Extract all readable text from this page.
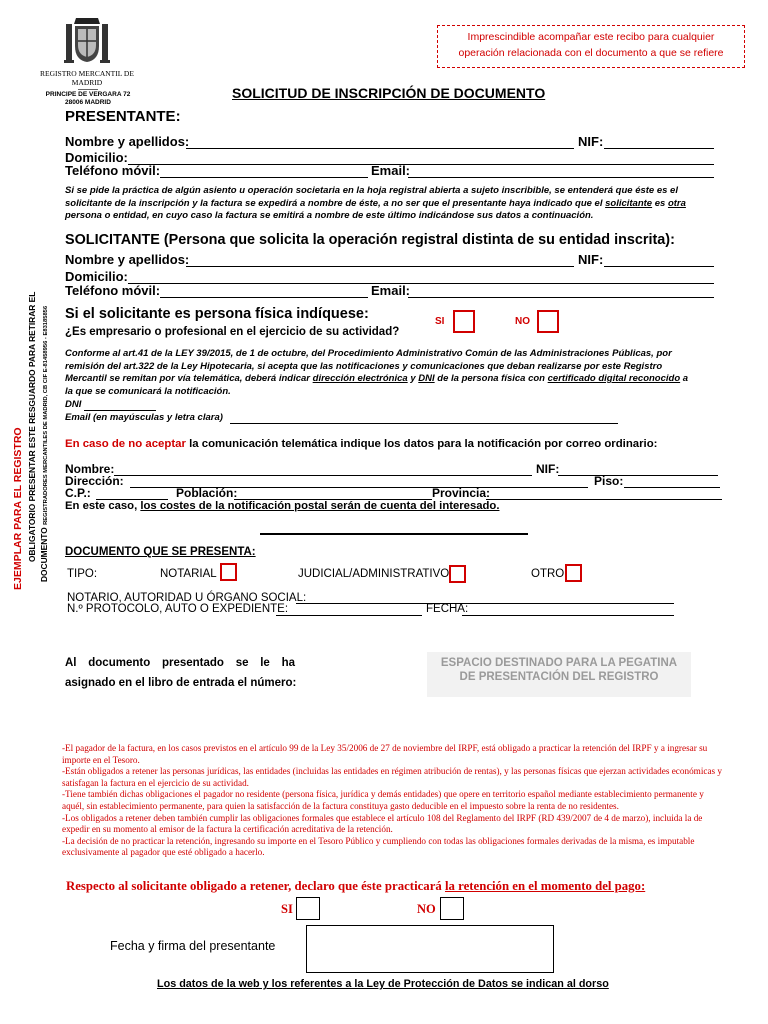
REGISTRO MERCANTIL DE MADRID
PRINCIPE DE VERGARA 72
28006 MADRID
Imprescindible acompañar este recibo para cualquier
operación relacionada con el documento a que se refiere
SOLICITUD DE INSCRIPCIÓN DE DOCUMENTO
PRESENTANTE:
Nombre y apellidos:	NIF:
Domicilio:
Teléfono móvil:	Email:
Si se pide la práctica de algún asiento u operación societaria en la hoja registral abierta a sujeto inscribible, se entenderá que éste es el
solicitante de la inscripción y la factura se expedirá a nombre de éste, a no ser que el presentante haya indicado que el solicitante es otra
persona o entidad, en cuyo caso la factura se emitirá a nombre de este último indicándose sus datos a continuación.
SOLICITANTE (Persona que solicita la operación registral distinta de su entidad inscrita):
Nombre y apellidos:	NIF:
Domicilio:
Teléfono móvil:	Email:
Si el solicitante es persona física indíquese:
¿Es empresario o profesional en el ejercicio de su actividad?
SI	NO
Conforme al art.41 de la LEY 39/2015, de 1 de octubre, del Procedimiento Administrativo Común de las Administraciones Públicas, por
remisión del art.322 de la Ley Hipotecaria, si acepta que las notificaciones y comunicaciones que deban realizarse por este Registro
Mercantil se remitan por vía telemática, deberá indicar dirección electrónica y DNI de la persona física con certificado digital reconocido a
la que se comunicará la notificación.
DNI
Email (en mayúsculas y letra clara)
En caso de no aceptar la comunicación telemática indique los datos para la notificación por correo ordinario:
Nombre:	NIF:
Dirección:	Piso:
C.P.:	Población:	Provincia:
En este caso, los costes de la notificación postal serán de cuenta del interesado.
DOCUMENTO QUE SE PRESENTA:
TIPO:	NOTARIAL	JUDICIAL/ADMINISTRATIVO	OTRO
NOTARIO, AUTORIDAD U ÓRGANO SOCIAL:
N.º PROTOCOLO, AUTO O EXPEDIENTE:	FECHA:
Al documento presentado se le ha
asignado en el libro de entrada el número:
ESPACIO DESTINADO PARA LA PEGATINA
DE PRESENTACIÓN DEL REGISTRO
-El pagador de la factura, en los casos previstos en el artículo 99 de la Ley 35/2006 de 27 de noviembre del IRPF, está obligado a practicar la retención del IRPF y a ingresar su importe en el Tesoro.
-Están obligados a retener las personas jurídicas, las entidades (incluidas las entidades en régimen atribución de rentas), y las personas físicas que ejerzan actividades económicas y satisfagan la factura en el ejercicio de su actividad.
-Tiene también dichas obligaciones el pagador no residente (persona física, jurídica y demás entidades) que opere en territorio español mediante establecimiento permanente y aquél, sin establecimiento permanente, para quien la satisfacción de la factura constituya gasto deducible en el impuesto sobre la renta de no residentes.
-Los obligados a retener deben también cumplir las obligaciones formales que establece el artículo 108 del Reglamento del IRPF (RD 439/2007 de 4 de marzo), incluida la de expedir en su momento al emisor de la factura la certificación acreditativa de la retención.
-La decisión de no practicar la retención, ingresando su importe en el Tesoro Público y cumpliendo con todas las obligaciones formales derivadas de la misma, es imputable exclusivamente al pagador que esté obligado a hacerlo.
Respecto al solicitante obligado a retener, declaro que éste practicará la retención en el momento del pago:
SI	NO
Fecha y firma del presentante
Los datos de la web y los referentes a la Ley de Protección de Datos se indican al dorso
EJEMPLAR PARA EL REGISTRO OBLIGATORIO PRESENTAR ESTE RESGUARDO PARA RETIRAR EL DOCUMENTO REGISTRADORES MERCANTILES DE MADRID, CB CIF E-81458956 - E83185856
